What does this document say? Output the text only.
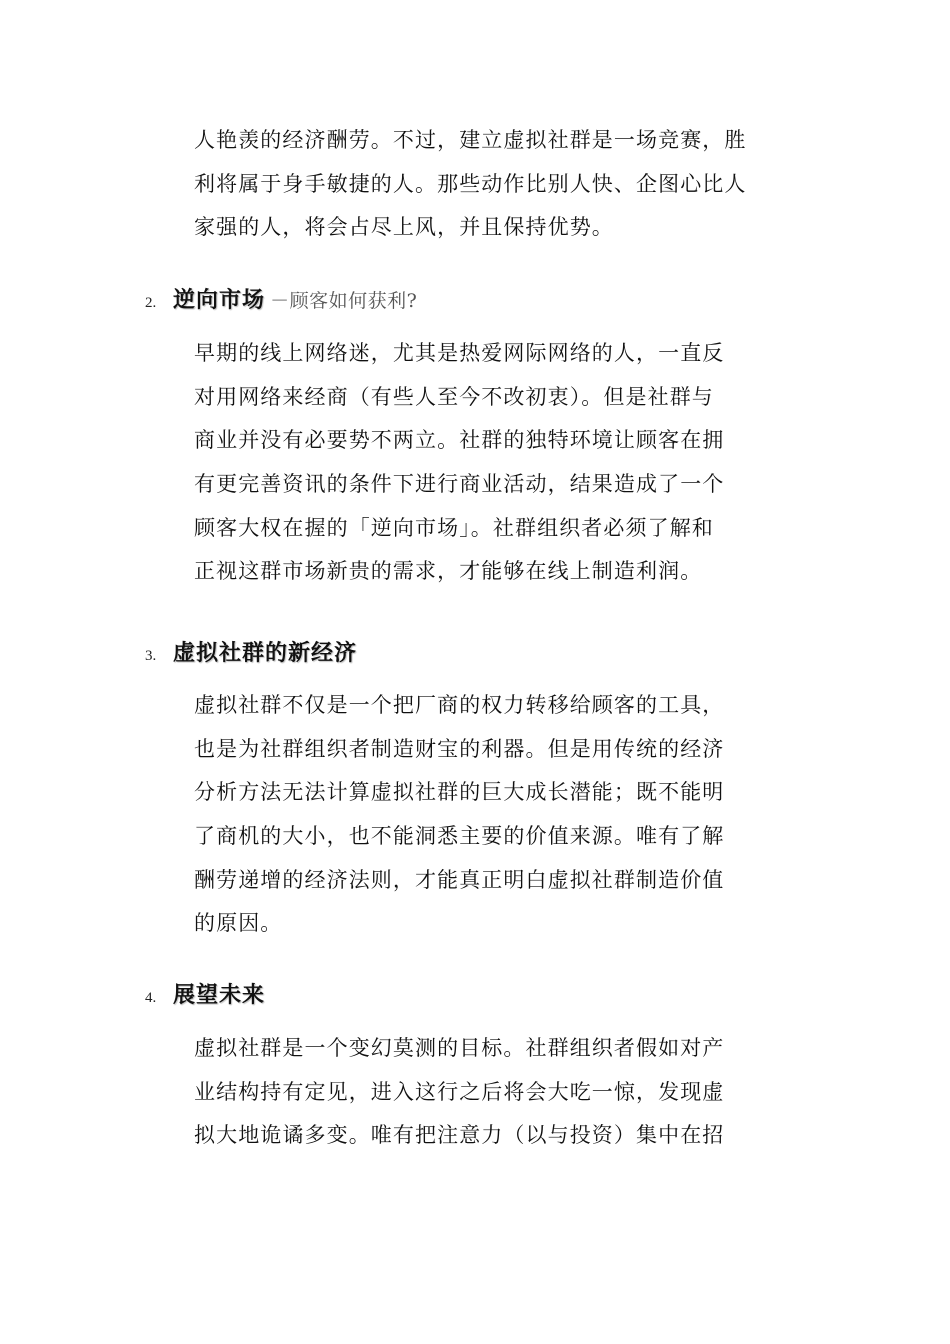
人艳羡的经济酬劳。不过，建立虚拟社群是一场竞赛，胜
利将属于身手敏捷的人。那些动作比别人快、企图心比人
家强的人，将会占尽上风，并且保持优势。
2. 逆向市场 －顾客如何获利?
早期的线上网络迷，尤其是热爱网际网络的人，一直反
对用网络来经商（有些人至今不改初衷）。但是社群与
商业并没有必要势不两立。社群的独特环境让顾客在拥
有更完善资讯的条件下进行商业活动，结果造成了一个
顾客大权在握的「逆向市场」。社群组织者必须了解和
正视这群市场新贵的需求，才能够在线上制造利润。
3. 虚拟社群的新经济
虚拟社群不仅是一个把厂商的权力转移给顾客的工具，
也是为社群组织者制造财宝的利器。但是用传统的经济
分析方法无法计算虚拟社群的巨大成长潜能；既不能明
了商机的大小，也不能洞悉主要的价值来源。唯有了解
酬劳递增的经济法则，才能真正明白虚拟社群制造价值
的原因。
4. 展望未来
虚拟社群是一个变幻莫测的目标。社群组织者假如对产
业结构持有定见，进入这行之后将会大吃一惊，发现虚
拟大地诡谲多变。唯有把注意力（以与投资）集中在招
